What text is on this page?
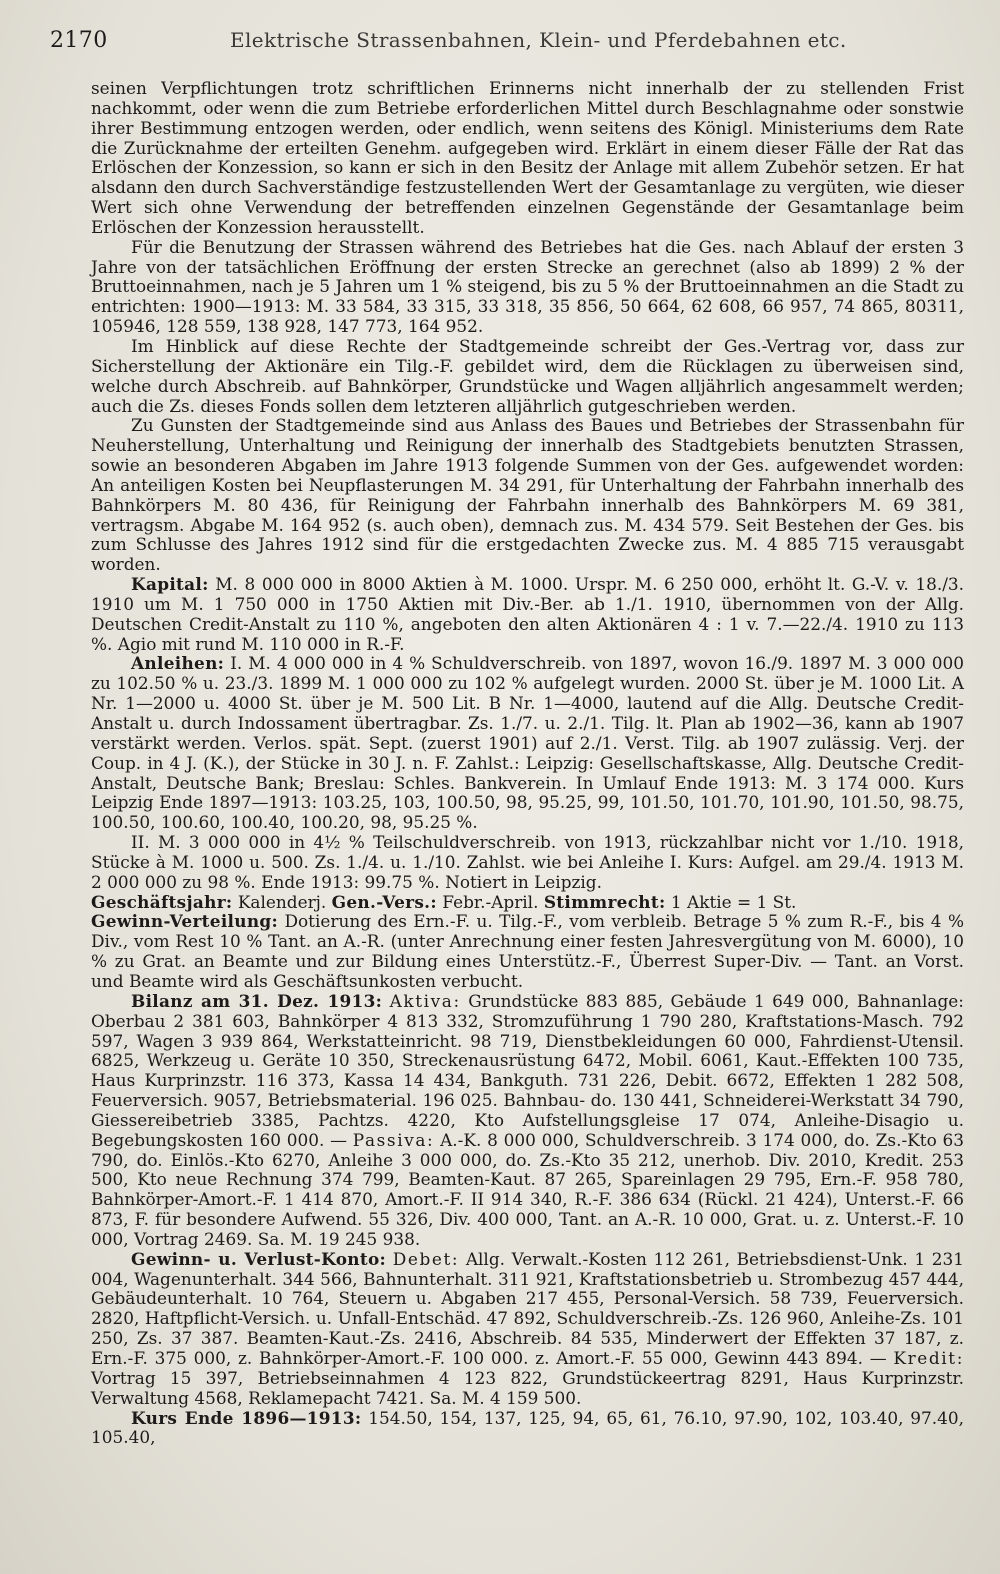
2170	Elektrische Strassenbahnen, Klein- und Pferdebahnen etc.

seinen Verpflichtungen trotz schriftlichen Erinnerns nicht innerhalb der zu stellenden Frist nachkommt, oder wenn die zum Betriebe erforderlichen Mittel durch Beschlagnahme oder sonstwie ihrer Bestimmung entzogen werden, oder endlich, wenn seitens des Königl. Ministeriums dem Rate die Zurücknahme der erteilten Genehm. aufgegeben wird. Erklärt in einem dieser Fälle der Rat das Erlöschen der Konzession, so kann er sich in den Besitz der Anlage mit allem Zubehör setzen. Er hat alsdann den durch Sachverständige festzustellenden Wert der Gesamtanlage zu vergüten, wie dieser Wert sich ohne Verwendung der betreffenden einzelnen Gegenstände der Gesamtanlage beim Erlöschen der Konzession herausstellt.

Für die Benutzung der Strassen während des Betriebes hat die Ges. nach Ablauf der ersten 3 Jahre von der tatsächlichen Eröffnung der ersten Strecke an gerechnet (also ab 1899) 2 % der Bruttoeinnahmen, nach je 5 Jahren um 1 % steigend, bis zu 5 % der Bruttoeinnahmen an die Stadt zu entrichten: 1900—1913: M. 33 584, 33 315, 33 318, 35 856, 50 664, 62 608, 66 957, 74 865, 80311, 105946, 128 559, 138 928, 147 773, 164 952.

Im Hinblick auf diese Rechte der Stadtgemeinde schreibt der Ges.-Vertrag vor, dass zur Sicherstellung der Aktionäre ein Tilg.-F. gebildet wird, dem die Rücklagen zu überweisen sind, welche durch Abschreib. auf Bahnkörper, Grundstücke und Wagen alljährlich angesammelt werden; auch die Zs. dieses Fonds sollen dem letzteren alljährlich gutgeschrieben werden.

Zu Gunsten der Stadtgemeinde sind aus Anlass des Baues und Betriebes der Strassenbahn für Neuherstellung, Unterhaltung und Reinigung der innerhalb des Stadtgebiets benutzten Strassen, sowie an besonderen Abgaben im Jahre 1913 folgende Summen von der Ges. aufgewendet worden: An anteiligen Kosten bei Neupflasterungen M. 34 291, für Unterhaltung der Fahrbahn innerhalb des Bahnkörpers M. 80 436, für Reinigung der Fahrbahn innerhalb des Bahnkörpers M. 69 381, vertragsm. Abgabe M. 164 952 (s. auch oben), demnach zus. M. 434 579. Seit Bestehen der Ges. bis zum Schlusse des Jahres 1912 sind für die erstgedachten Zwecke zus. M. 4 885 715 verausgabt worden.

Kapital: M. 8 000 000 in 8000 Aktien à M. 1000. Urspr. M. 6 250 000, erhöht lt. G.-V. v. 18./3. 1910 um M. 1 750 000 in 1750 Aktien mit Div.-Ber. ab 1./1. 1910, übernommen von der Allg. Deutschen Credit-Anstalt zu 110 %, angeboten den alten Aktionären 4 : 1 v. 7.—22./4. 1910 zu 113 %. Agio mit rund M. 110 000 in R.-F.

Anleihen: I. M. 4 000 000 in 4 % Schuldverschreib. von 1897, wovon 16./9. 1897 M. 3 000 000 zu 102.50 % u. 23./3. 1899 M. 1 000 000 zu 102 % aufgelegt wurden. 2000 St. über je M. 1000 Lit. A Nr. 1—2000 u. 4000 St. über je M. 500 Lit. B Nr. 1—4000, lautend auf die Allg. Deutsche Credit-Anstalt u. durch Indossament übertragbar. Zs. 1./7. u. 2./1. Tilg. lt. Plan ab 1902—36, kann ab 1907 verstärkt werden. Verlos. spät. Sept. (zuerst 1901) auf 2./1. Verst. Tilg. ab 1907 zulässig. Verj. der Coup. in 4 J. (K.), der Stücke in 30 J. n. F. Zahlst.: Leipzig: Gesellschaftskasse, Allg. Deutsche Credit-Anstalt, Deutsche Bank; Breslau: Schles. Bankverein. In Umlauf Ende 1913: M. 3 174 000. Kurs Leipzig Ende 1897—1913: 103.25, 103, 100.50, 98, 95.25, 99, 101.50, 101.70, 101.90, 101.50, 98.75, 100.50, 100.60, 100.40, 100.20, 98, 95.25 %.

II. M. 3 000 000 in 4½ % Teilschuldverschreib. von 1913, rückzahlbar nicht vor 1./10. 1918, Stücke à M. 1000 u. 500. Zs. 1./4. u. 1./10. Zahlst. wie bei Anleihe I. Kurs: Aufgel. am 29./4. 1913 M. 2 000 000 zu 98 %. Ende 1913: 99.75 %. Notiert in Leipzig.

Geschäftsjahr: Kalenderj. Gen.-Vers.: Febr.-April. Stimmrecht: 1 Aktie = 1 St.

Gewinn-Verteilung: Dotierung des Ern.-F. u. Tilg.-F., vom verbleib. Betrage 5 % zum R.-F., bis 4 % Div., vom Rest 10 % Tant. an A.-R. (unter Anrechnung einer festen Jahresvergütung von M. 6000), 10 % zu Grat. an Beamte und zur Bildung eines Unterstütz.-F., Überrest Super-Div. — Tant. an Vorst. und Beamte wird als Geschäftsunkosten verbucht.

Bilanz am 31. Dez. 1913: Aktiva: Grundstücke 883 885, Gebäude 1 649 000, Bahnanlage: Oberbau 2 381 603, Bahnkörper 4 813 332, Stromzuführung 1 790 280, Kraftstations-Masch. 792 597, Wagen 3 939 864, Werkstatteinricht. 98 719, Dienstbekleidungen 60 000, Fahrdienst-Utensil. 6825, Werkzeug u. Geräte 10 350, Streckenausrüstung 6472, Mobil. 6061, Kaut.-Effekten 100 735, Haus Kurprinzstr. 116 373, Kassa 14 434, Bankguth. 731 226, Debit. 6672, Effekten 1 282 508, Feuerversich. 9057, Betriebsmaterial. 196 025. Bahnbau- do. 130 441, Schneiderei-Werkstatt 34 790, Giessereibetrieb 3385, Pachtzs. 4220, Kto Aufstellungsgleise 17 074, Anleihe-Disagio u. Begebungskosten 160 000. — Passiva: A.-K. 8 000 000, Schuldverschreib. 3 174 000, do. Zs.-Kto 63 790, do. Einlös.-Kto 6270, Anleihe 3 000 000, do. Zs.-Kto 35 212, unerhob. Div. 2010, Kredit. 253 500, Kto neue Rechnung 374 799, Beamten-Kaut. 87 265, Spareinlagen 29 795, Ern.-F. 958 780, Bahnkörper-Amort.-F. 1 414 870, Amort.-F. II 914 340, R.-F. 386 634 (Rückl. 21 424), Unterst.-F. 66 873, F. für besondere Aufwend. 55 326, Div. 400 000, Tant. an A.-R. 10 000, Grat. u. z. Unterst.-F. 10 000, Vortrag 2469. Sa. M. 19 245 938.

Gewinn- u. Verlust-Konto: Debet: Allg. Verwalt.-Kosten 112 261, Betriebsdienst-Unk. 1 231 004, Wagenunterhalt. 344 566, Bahnunterhalt. 311 921, Kraftstationsbetrieb u. Strombezug 457 444, Gebäudeunterhalt. 10 764, Steuern u. Abgaben 217 455, Personal-Versich. 58 739, Feuerversich. 2820, Haftpflicht-Versich. u. Unfall-Entschäd. 47 892, Schuldverschreib.-Zs. 126 960, Anleihe-Zs. 101 250, Zs. 37 387. Beamten-Kaut.-Zs. 2416, Abschreib. 84 535, Minderwert der Effekten 37 187, z. Ern.-F. 375 000, z. Bahnkörper-Amort.-F. 100 000. z. Amort.-F. 55 000, Gewinn 443 894. — Kredit: Vortrag 15 397, Betriebseinnahmen 4 123 822, Grundstückeertrag 8291, Haus Kurprinzstr. Verwaltung 4568, Reklamepacht 7421. Sa. M. 4 159 500.

Kurs Ende 1896—1913: 154.50, 154, 137, 125, 94, 65, 61, 76.10, 97.90, 102, 103.40, 97.40, 105.40,
